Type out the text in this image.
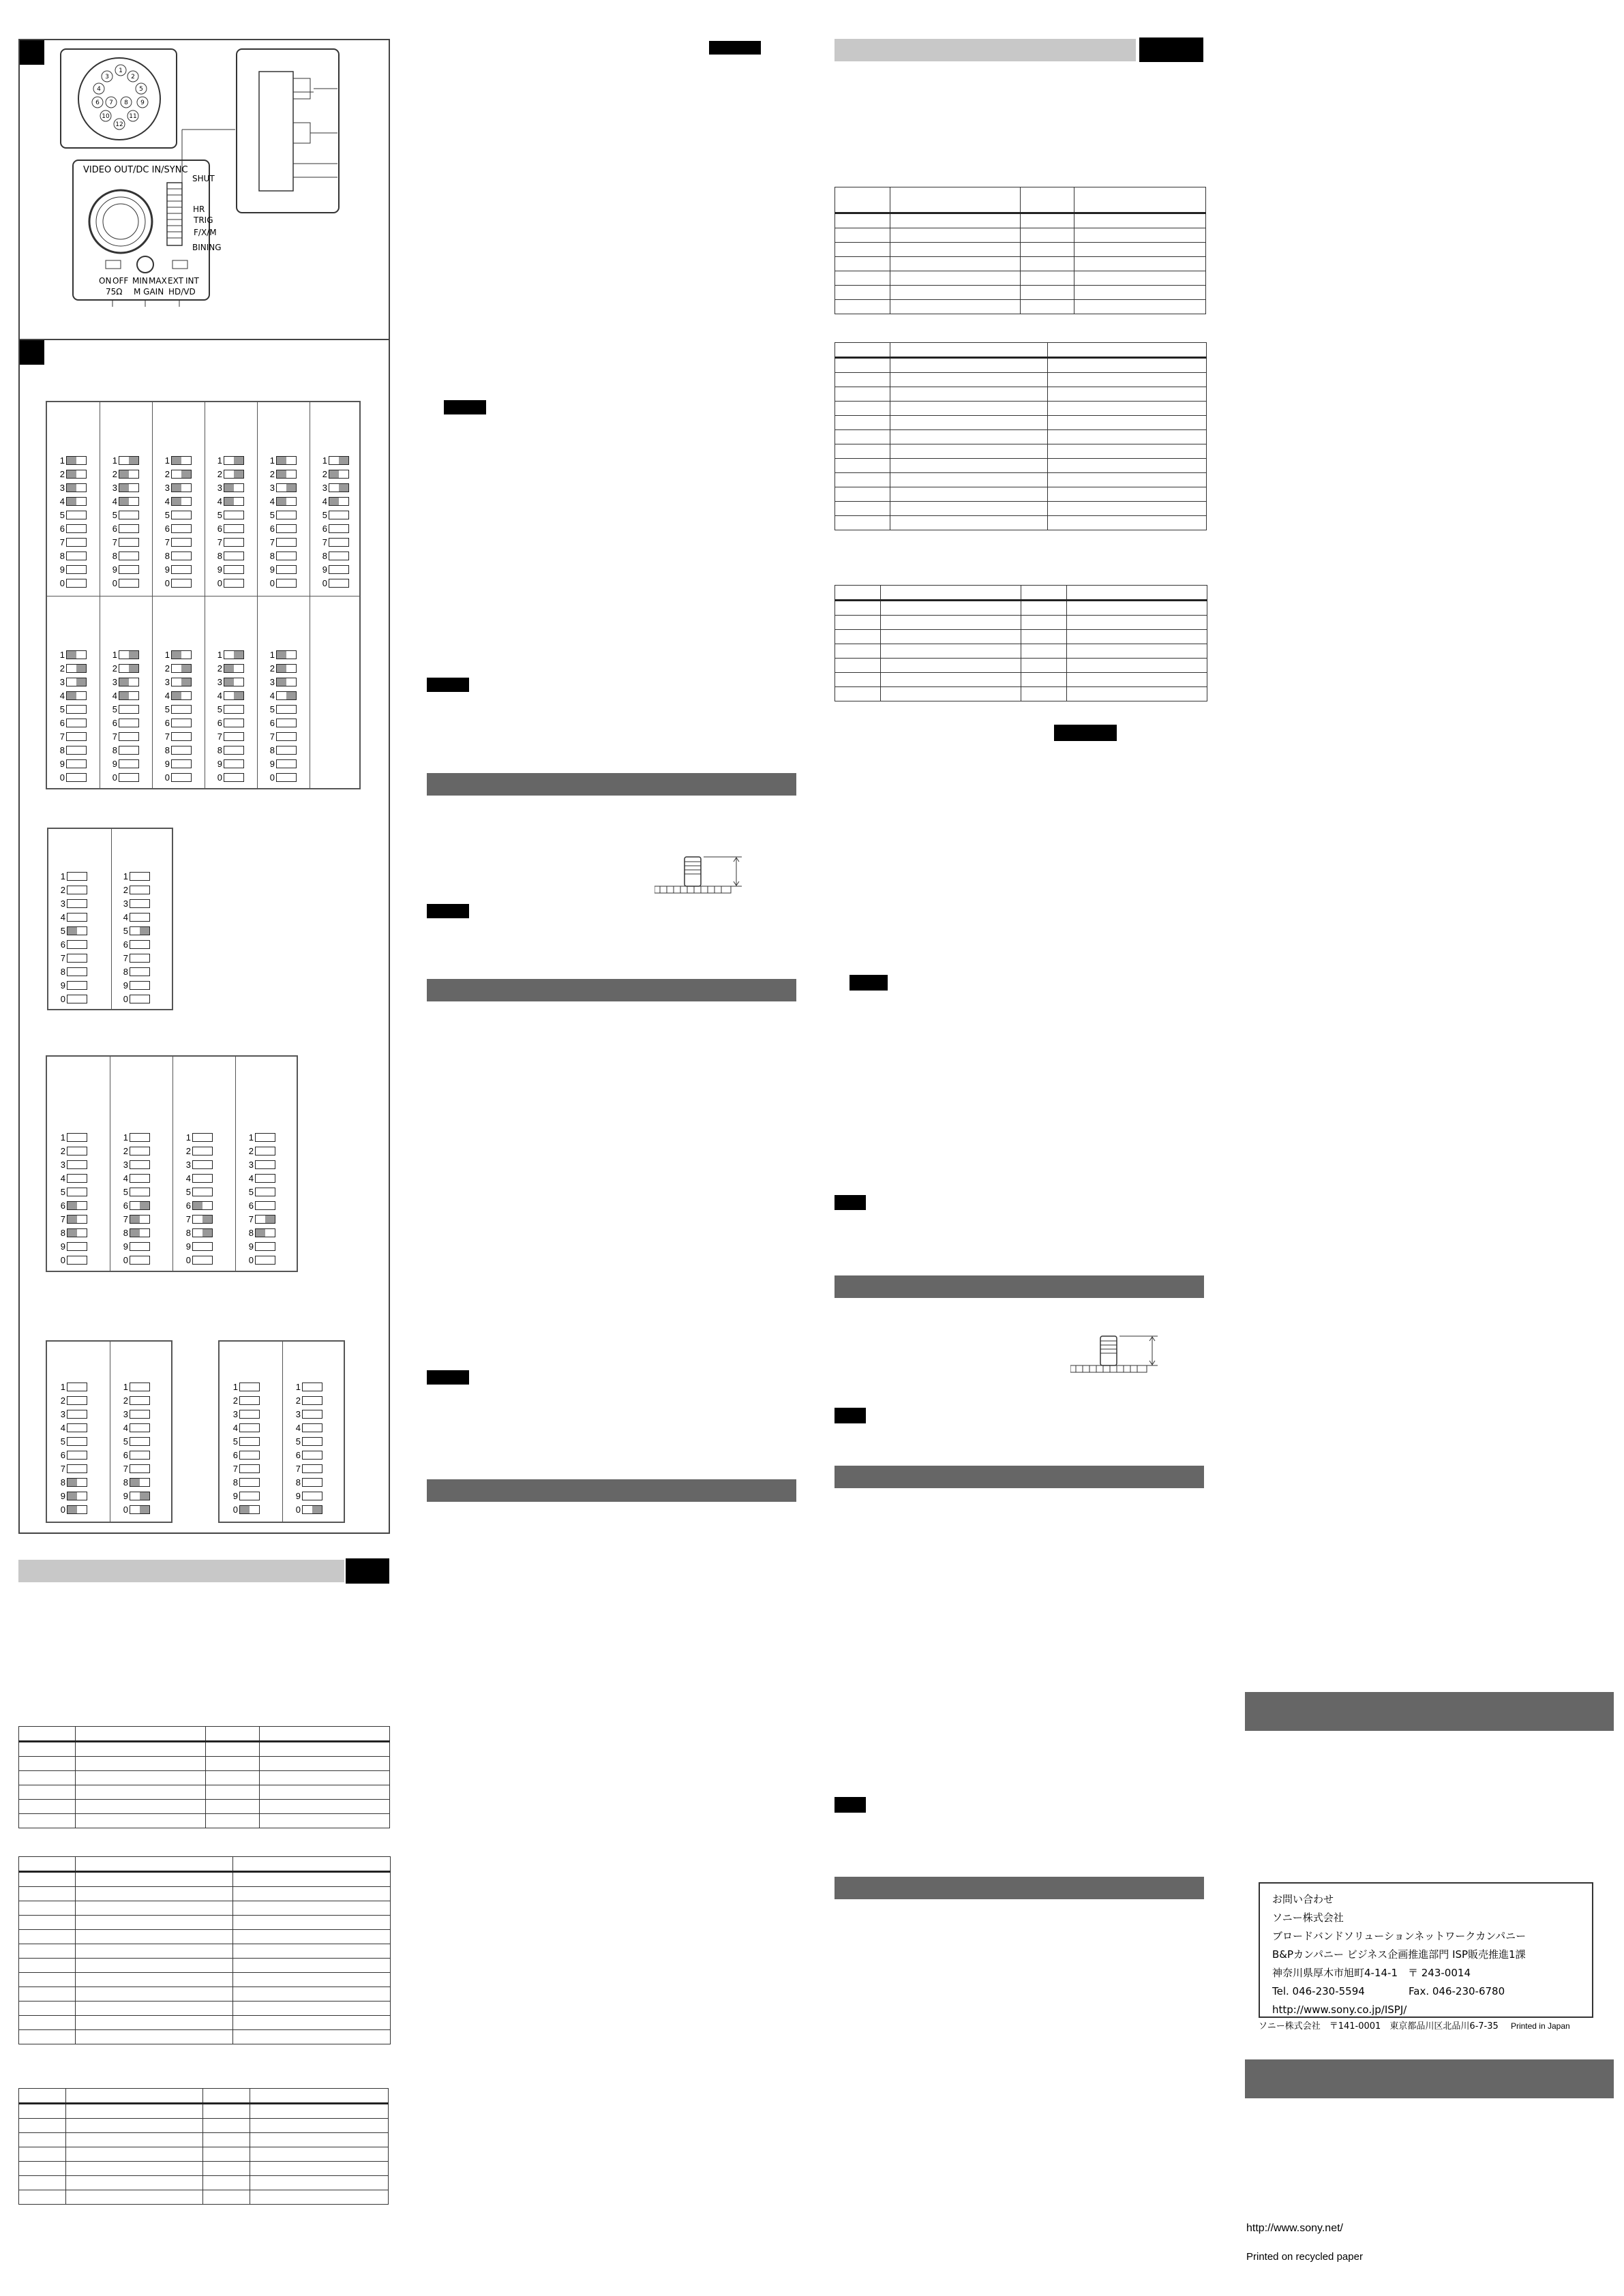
1
2
3
4	5
6 7 8 9
10	11
12
VIDEO OUT/DC IN/SYNC
SHUT
HR
TRIG
F/X/M
BINING
ON OFF
75Ω
MIN MAX
M GAIN
EXT INT
HD/VD
1
2
3
4
5
6
7
8
9
0
1
2
3
4
5
6
7
8
9
0
1
2
3
4
5
6
7
8
9
0
1
2
3
4
5
6
7
8
9
0
1
2
3
4
5
6
7
8
9
0
1
2
3
4
5
6
7
8
9
0
1
2
3
4
5
6
7
8
9
0
1
2
3
4
5
6
7
8
9
0
1
2
3
4
5
6
7
8
9
0
1
2
3
4
5
6
7
8
9
0
1
2
3
4
5
6
7
8
9
0
1
2
3
4
5
6
7
8
9
0
1
2
3
4
5
6
7
8
9
0
1
2
3
4
5
6
7
8
9
0
1
2
3
4
5
6
7
8
9
0
1
2
3
4
5
6
7
8
9
0
1
2
3
4
5
6
7
8
9
0
1
2
3
4
5
6
7
8
9
0
1
2
3
4
5
6
7
8
9
0
1
2
3
4
5
6
7
8
9
0
1
2
3
4
5
6
7
8
9
0

お問い合わせ
ソニー株式会社
ブロードバンドソリューションネットワークカンパニー
B&Pカンパニー ビジネス企画推進部門 ISP販売推進1課
神奈川県厚木市旭町4-14-1　〒 243-0014
Tel. 046-230-5594	Fax. 046-230-6780
http://www.sony.co.jp/ISPJ/
ソニー株式会社　〒141-0001　東京都品川区北品川6-7-35 Printed in Japan
http://www.sony.net/
Printed on recycled paper
